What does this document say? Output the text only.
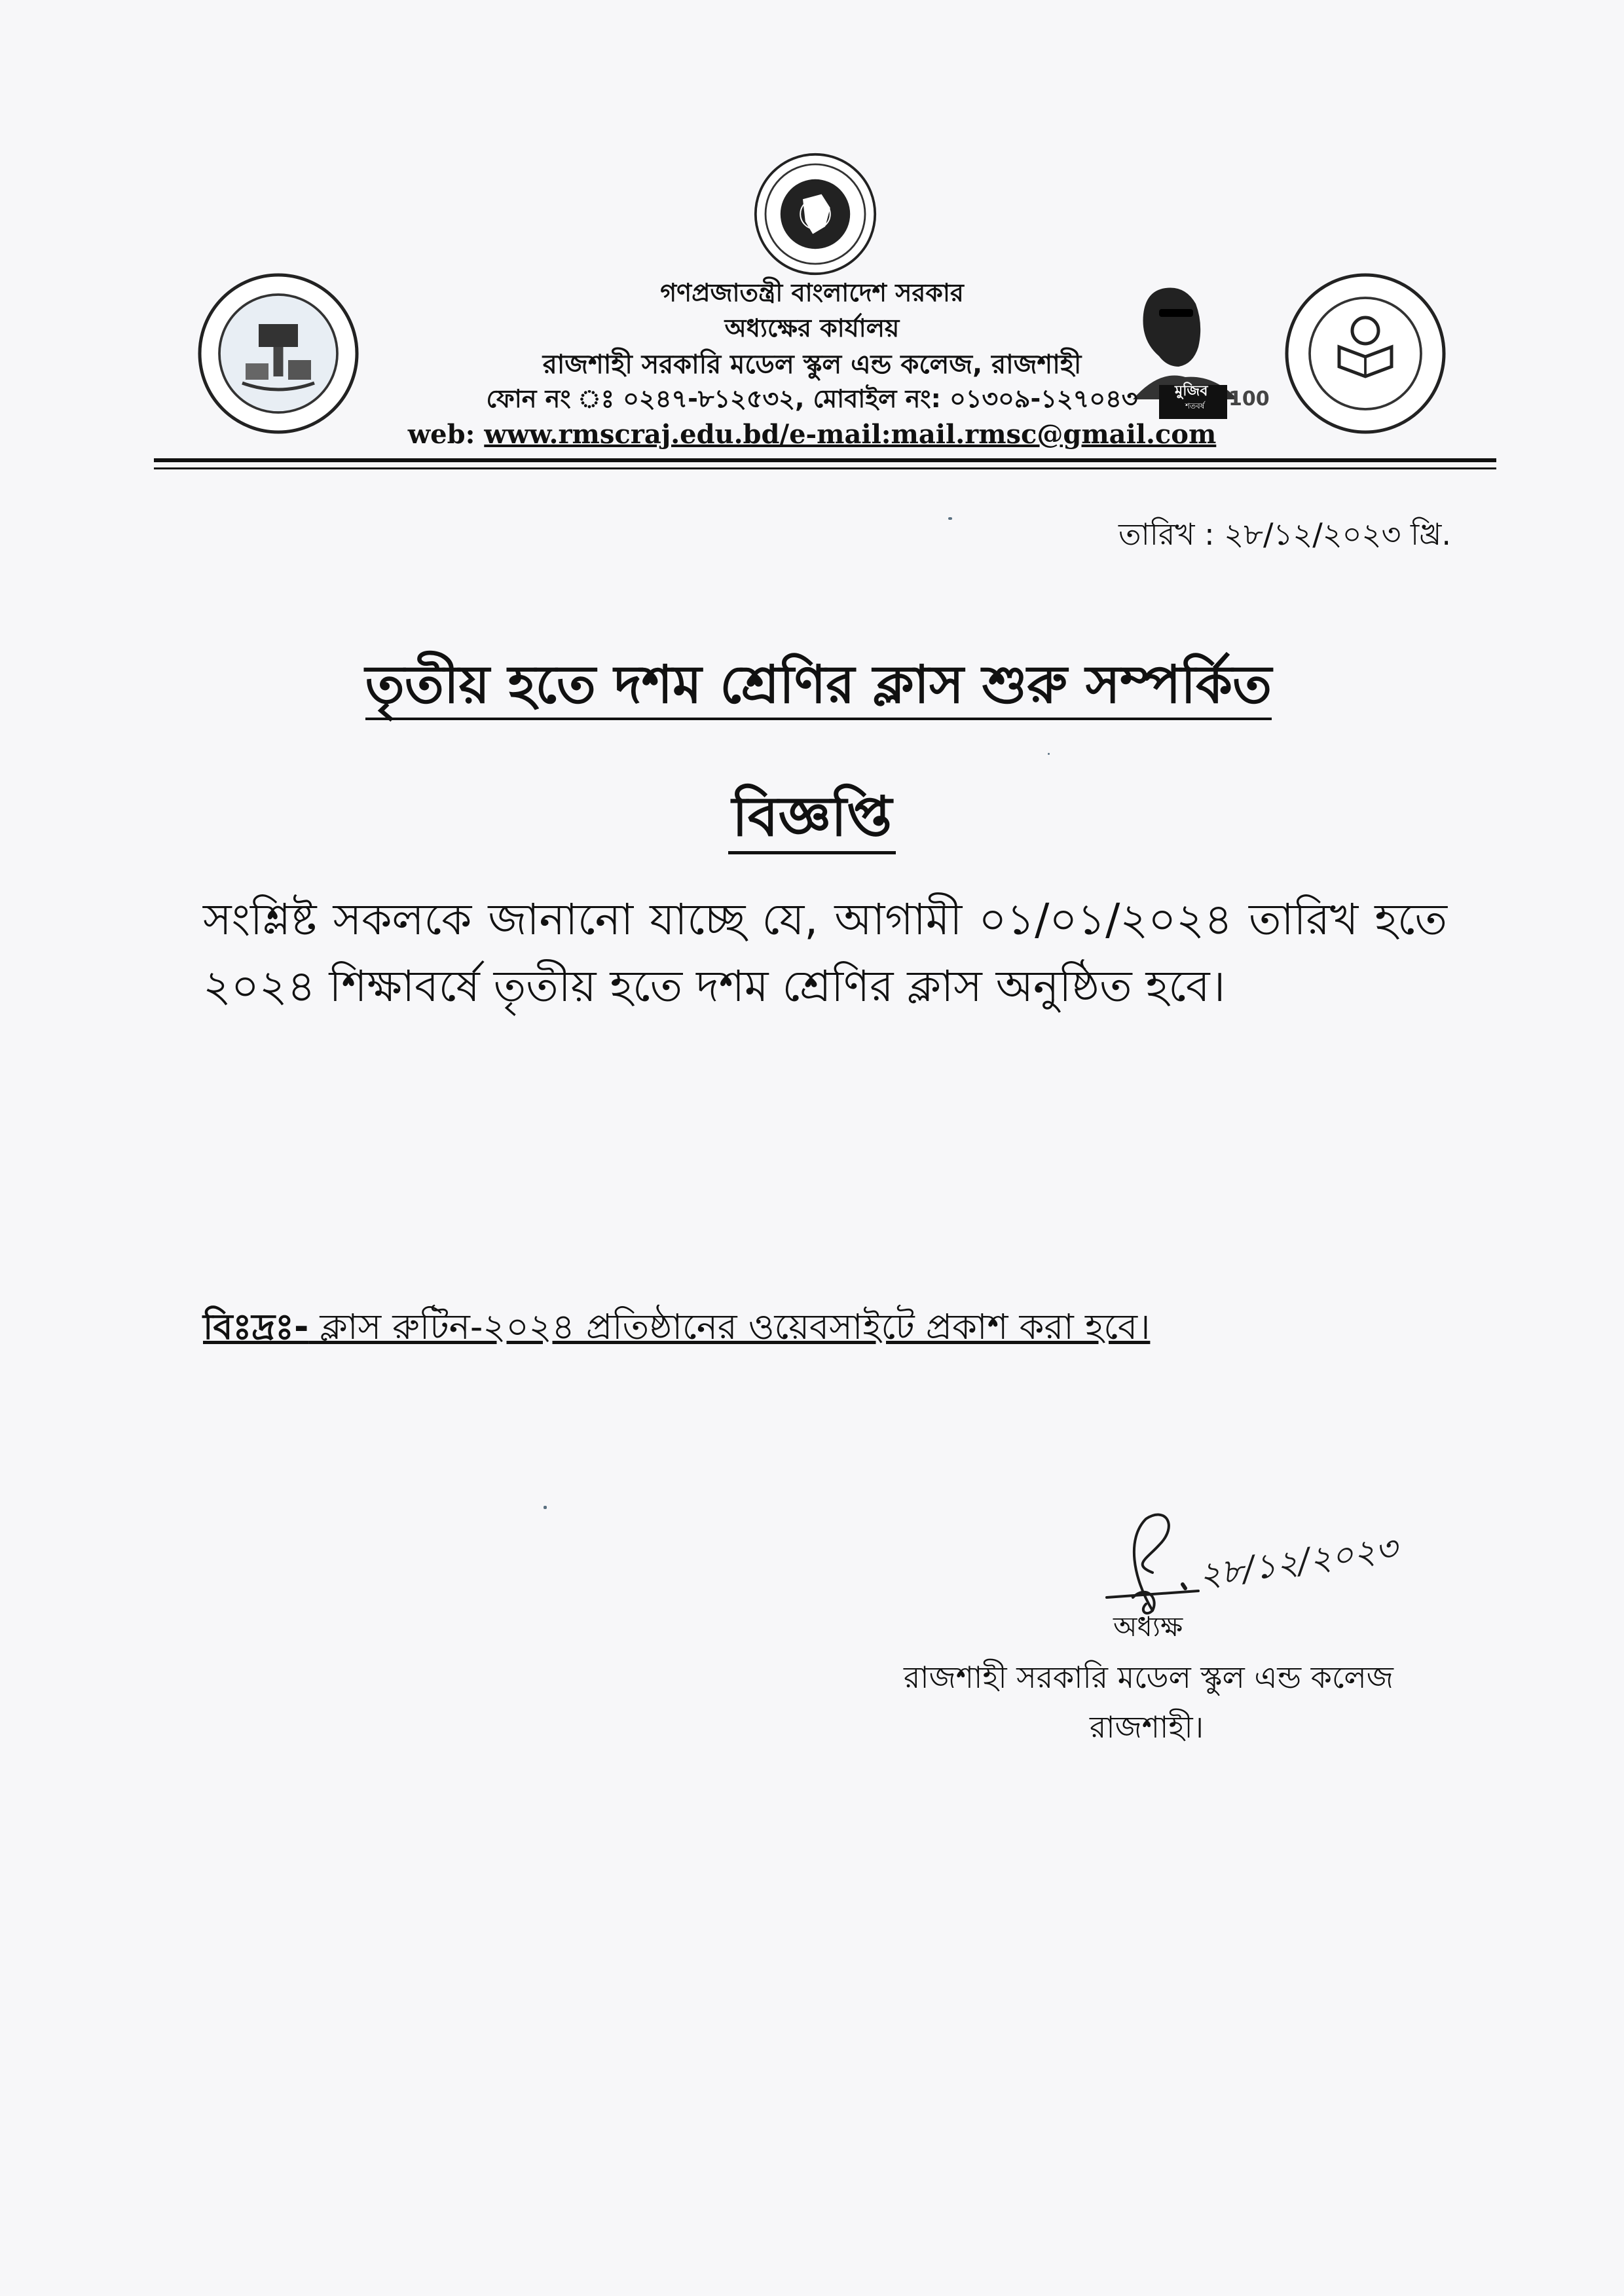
মুজিব
শতবর্ষ 100
গণপ্রজাতন্ত্রী বাংলাদেশ সরকার
অধ্যক্ষের কার্যালয়
রাজশাহী সরকারি মডেল স্কুল এন্ড কলেজ, রাজশাহী
ফোন নং ঃ ০২৪৭-৮১২৫৩২, মোবাইল নং: ০১৩০৯-১২৭০৪৩
web: www.rmscraj.edu.bd/e-mail:mail.rmsc@gmail.com
তারিখ : ২৮/১২/২০২৩ খ্রি.
তৃতীয় হতে দশম শ্রেণির ক্লাস শুরু সম্পর্কিত
বিজ্ঞপ্তি
সংশ্লিষ্ট সকলকে জানানো যাচ্ছে যে, আগামী ০১/০১/২০২৪ তারিখ হতে ২০২৪ শিক্ষাবর্ষে তৃতীয় হতে দশম শ্রেণির ক্লাস অনুষ্ঠিত হবে।
বিঃদ্রঃ- ক্লাস রুটিন-২০২৪ প্রতিষ্ঠানের ওয়েবসাইটে প্রকাশ করা হবে।
২৮/১২/২০২৩
অধ্যক্ষ
রাজশাহী সরকারি মডেল স্কুল এন্ড কলেজ
রাজশাহী।
